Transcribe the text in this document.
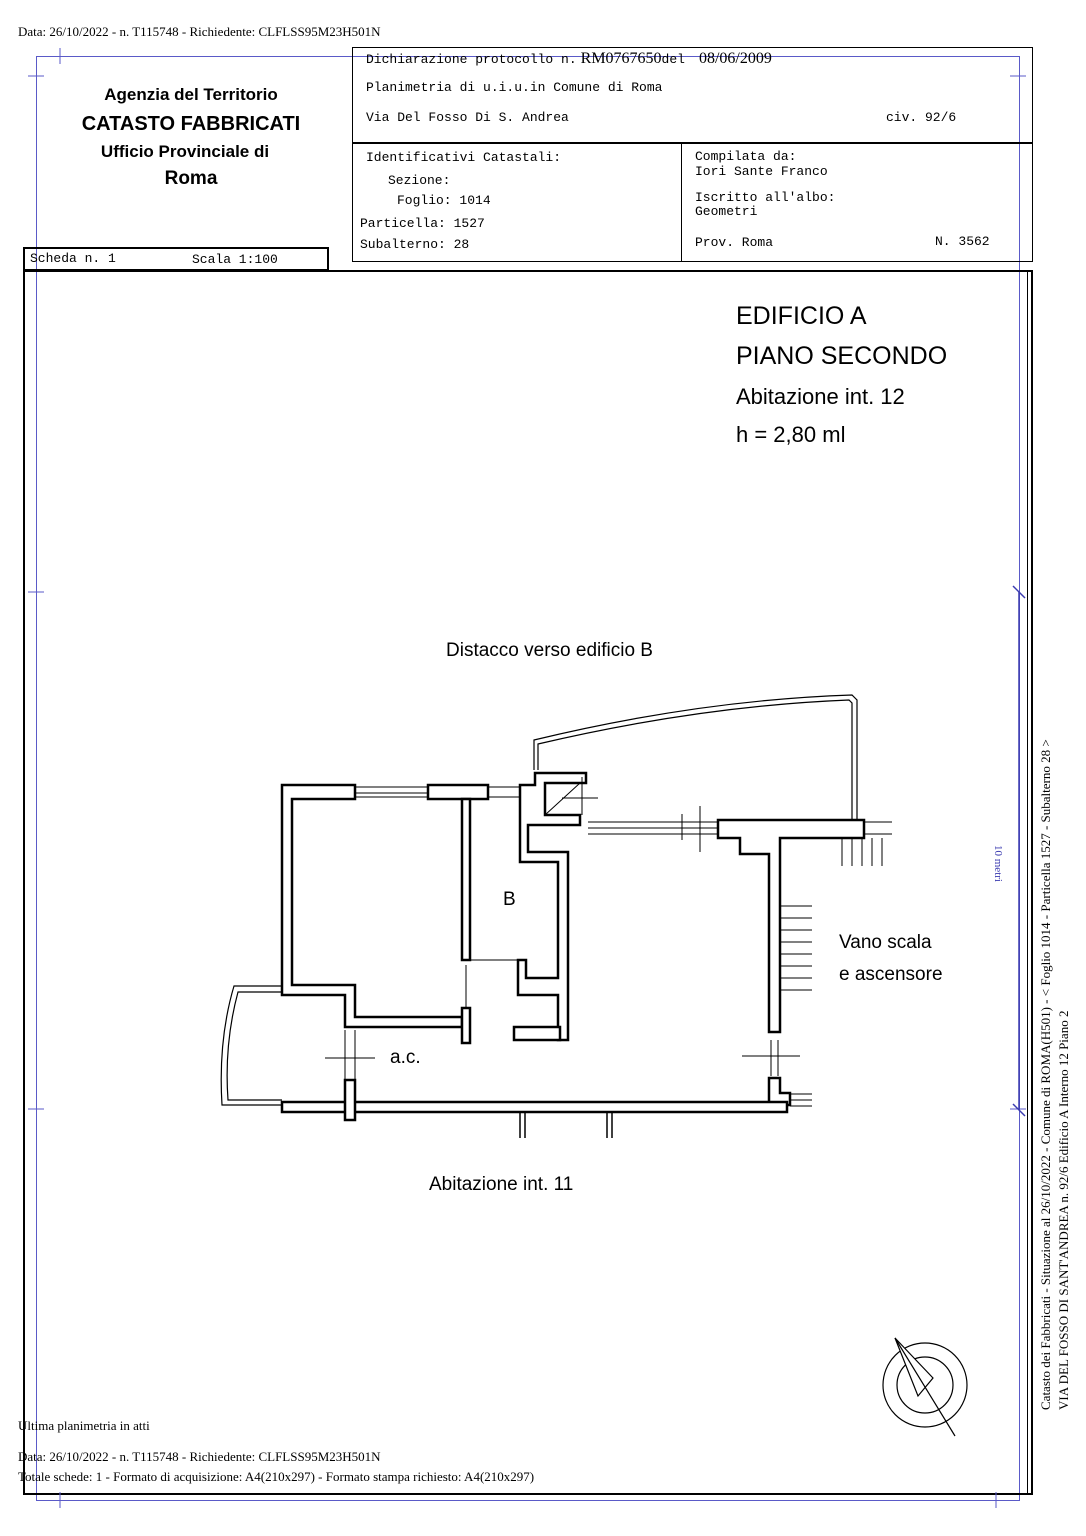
Data: 26/10/2022 - n. T115748 - Richiedente: CLFLSS95M23H501N
Agenzia del Territorio
CATASTO FABBRICATI
Ufficio Provinciale di
Roma
Scheda n. 1	Scala 1:100
Dichiarazione protocollo n. RM0767650del 08/06/2009
Planimetria di u.i.u.in Comune di Roma
Via Del Fosso Di S. Andrea	civ. 92/6
Identificativi Catastali:
Sezione:
Foglio: 1014
Particella: 1527
Subalterno: 28
Compilata da:
Iori Sante Franco
Iscritto all'albo:
Geometri
Prov. Roma	N. 3562
EDIFICIO A
PIANO SECONDO
Abitazione int. 12
h = 2,80 ml
Distacco verso edificio B
B
Vano scala
e ascensore
a.c.
Abitazione int. 11
10 metri	Catasto dei Fabbricati - Situazione al 26/10/2022 - Comune di ROMA(H501) - < Foglio 1014 - Particella 1527 - Subalterno 28 > VIA DEL FOSSO DI SANT'ANDREA n. 92/6 Edificio A Interno 12 Piano 2
Ultima planimetria in atti
Data: 26/10/2022 - n. T115748 - Richiedente: CLFLSS95M23H501N
Totale schede: 1 - Formato di acquisizione: A4(210x297) - Formato stampa richiesto: A4(210x297)
